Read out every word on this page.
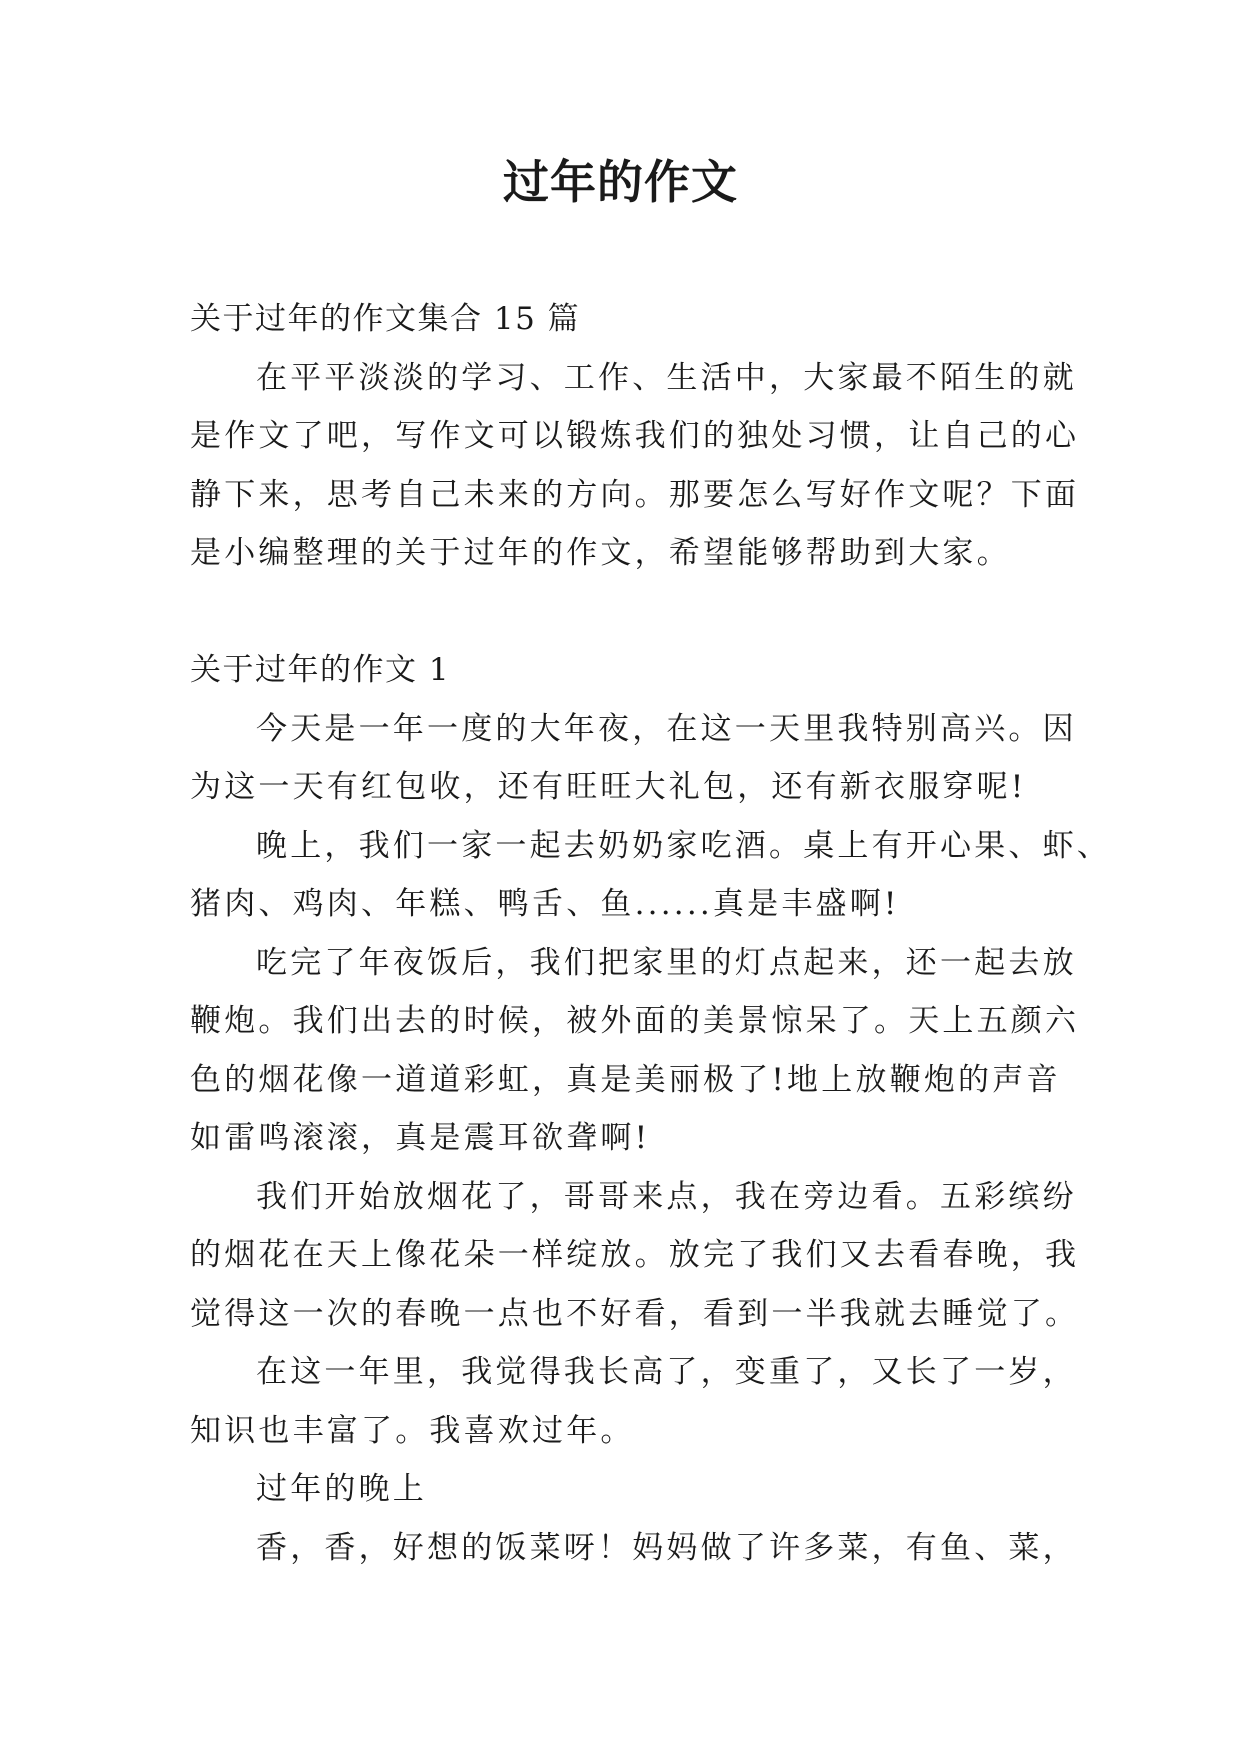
过年的作文

关于过年的作文集合 15 篇

在平平淡淡的学习、工作、生活中，大家最不陌生的就

是作文了吧，写作文可以锻炼我们的独处习惯，让自己的心

静下来，思考自己未来的方向。那要怎么写好作文呢？下面

是小编整理的关于过年的作文，希望能够帮助到大家。

关于过年的作文 1

今天是一年一度的大年夜，在这一天里我特别高兴。因

为这一天有红包收，还有旺旺大礼包，还有新衣服穿呢!

晚上，我们一家一起去奶奶家吃酒。桌上有开心果、虾、

猪肉、鸡肉、年糕、鸭舌、鱼......真是丰盛啊!

吃完了年夜饭后，我们把家里的灯点起来，还一起去放

鞭炮。我们出去的时候，被外面的美景惊呆了。天上五颜六

色的烟花像一道道彩虹，真是美丽极了!地上放鞭炮的声音

如雷鸣滚滚，真是震耳欲聋啊!

我们开始放烟花了，哥哥来点，我在旁边看。五彩缤纷

的烟花在天上像花朵一样绽放。放完了我们又去看春晚，我

觉得这一次的春晚一点也不好看，看到一半我就去睡觉了。

在这一年里，我觉得我长高了，变重了，又长了一岁，

知识也丰富了。我喜欢过年。

过年的晚上

香，香，好想的饭菜呀！妈妈做了许多菜，有鱼、菜，
